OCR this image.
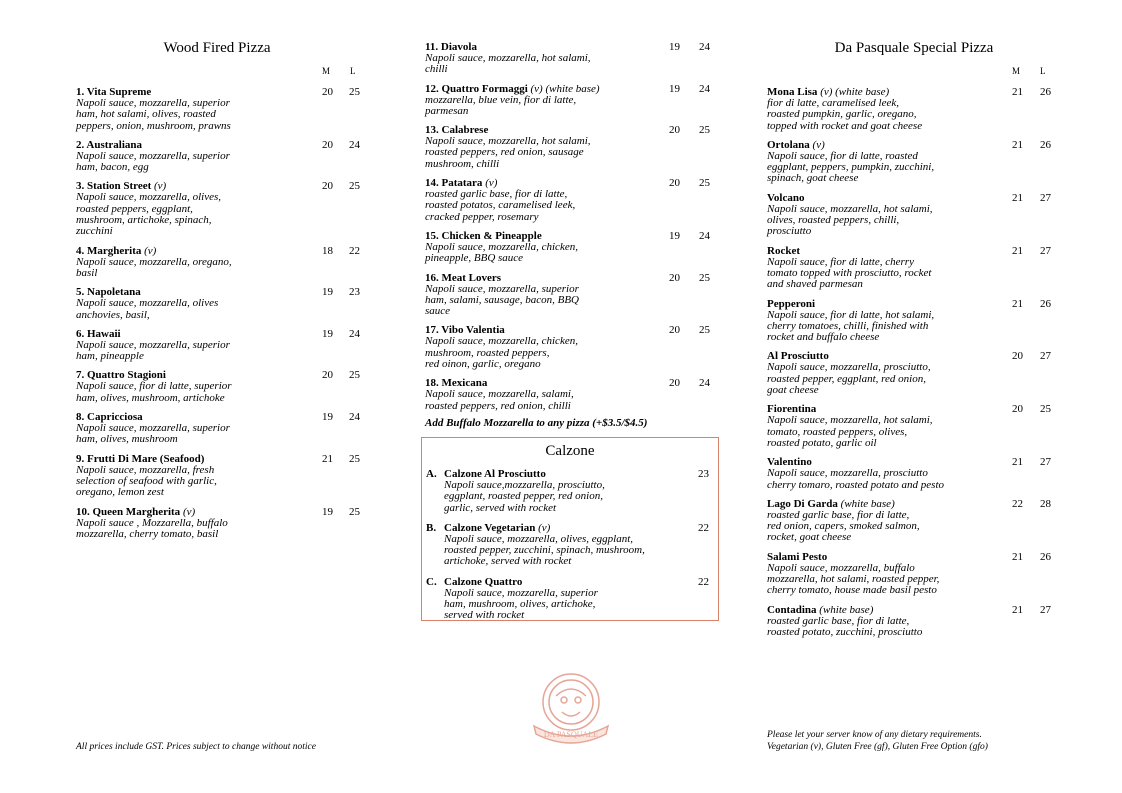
Wood Fired Pizza
M L
1. Vita Supreme
Napoli sauce, mozzarella, superior
ham, hot salami, olives, roasted
peppers, onion, mushroom, prawns
20 25
2. Australiana
Napoli sauce, mozzarella, superior
ham, bacon, egg
20 24
3. Station Street (v)
Napoli sauce, mozzarella, olives,
roasted peppers, eggplant,
mushroom, artichoke, spinach,
zucchini
20 25
4. Margherita (v)
Napoli sauce, mozzarella, oregano,
basil
18 22
5. Napoletana
Napoli sauce, mozzarella, olives
anchovies, basil,
19 23
6. Hawaii
Napoli sauce, mozzarella, superior
ham, pineapple
19 24
7. Quattro Stagioni
Napoli sauce, fior di latte, superior
ham, olives, mushroom, artichoke
20 25
8. Capricciosa
Napoli sauce, mozzarella, superior
ham, olives, mushroom
19 24
9. Frutti Di Mare (Seafood)
Napoli sauce, mozzarella, fresh
selection of seafood with garlic,
oregano, lemon zest
21 25
10. Queen Margherita (v)
Napoli sauce , Mozzarella, buffalo
mozzarella, cherry tomato, basil
19 25
All prices include GST. Prices subject to change without notice
11. Diavola
Napoli sauce, mozzarella, hot salami,
chilli
19 24
12. Quattro Formaggi (v) (white base)
mozzarella, blue vein, fior di latte,
parmesan
19 24
13. Calabrese
Napoli sauce, mozzarella, hot salami,
roasted peppers, red onion, sausage
mushroom, chilli
20 25
14. Patatara (v)
roasted garlic base, fior di latte,
roasted potatos, caramelised leek,
cracked pepper, rosemary
20 25
15. Chicken & Pineapple
Napoli sauce, mozzarella, chicken,
pineapple, BBQ sauce
19 24
16. Meat Lovers
Napoli sauce, mozzarella, superior
ham, salami, sausage, bacon, BBQ
sauce
20 25
17. Vibo Valentia
Napoli sauce, mozzarella, chicken,
mushroom, roasted peppers,
red oinon, garlic, oregano
20 25
18. Mexicana
Napoli sauce, mozzarella, salami,
roasted peppers, red onion, chilli
20 24
Add Buffalo Mozzarella to any pizza (+$3.5/$4.5)
Calzone
A. Calzone Al Prosciutto
Napoli sauce,mozzarella, prosciutto,
eggplant, roasted pepper, red onion,
garlic, served with rocket
23
B. Calzone Vegetarian (v)
Napoli sauce, mozzarella, olives, eggplant,
roasted pepper, zucchini, spinach, mushroom,
artichoke, served with rocket
22
C. Calzone Quattro
Napoli sauce, mozzarella, superior
ham, mushroom, olives, artichoke,
served with rocket
22
DA PASQUALE
Da Pasquale Special Pizza
M L
Mona Lisa (v) (white base)
fior di latte, caramelised leek,
roasted pumpkin, garlic, oregano,
topped with rocket and goat cheese
21 26
Ortolana (v)
Napoli sauce, fior di latte, roasted
eggplant, peppers, pumpkin, zucchini,
spinach, goat cheese
21 26
Volcano
Napoli sauce, mozzarella, hot salami,
olives, roasted peppers, chilli,
prosciutto
21 27
Rocket
Napoli sauce, fior di latte, cherry
tomato topped with prosciutto, rocket
and shaved parmesan
21 27
Pepperoni
Napoli sauce, fior di latte, hot salami,
cherry tomatoes, chilli, finished with
rocket and buffalo cheese
21 26
Al Prosciutto
Napoli sauce, mozzarella, prosciutto,
roasted pepper, eggplant, red onion,
goat cheese
20 27
Fiorentina
Napoli sauce, mozzarella, hot salami,
tomato, roasted peppers, olives,
roasted potato, garlic oil
20 25
Valentino
Napoli sauce, mozzarella, prosciutto
cherry tomaro, roasted potato and pesto
21 27
Lago Di Garda (white base)
roasted garlic base, fior di latte,
red onion, capers, smoked salmon,
rocket, goat cheese
22 28
Salami Pesto
Napoli sauce, mozzarella, buffalo
mozzarella, hot salami, roasted pepper,
cherry tomato, house made basil pesto
21 26
Contadina (white base)
roasted garlic base, fior di latte,
roasted potato, zucchini, prosciutto
21 27
Please let your server know of any dietary requirements.
Vegetarian (v), Gluten Free (gf), Gluten Free Option (gfo)
